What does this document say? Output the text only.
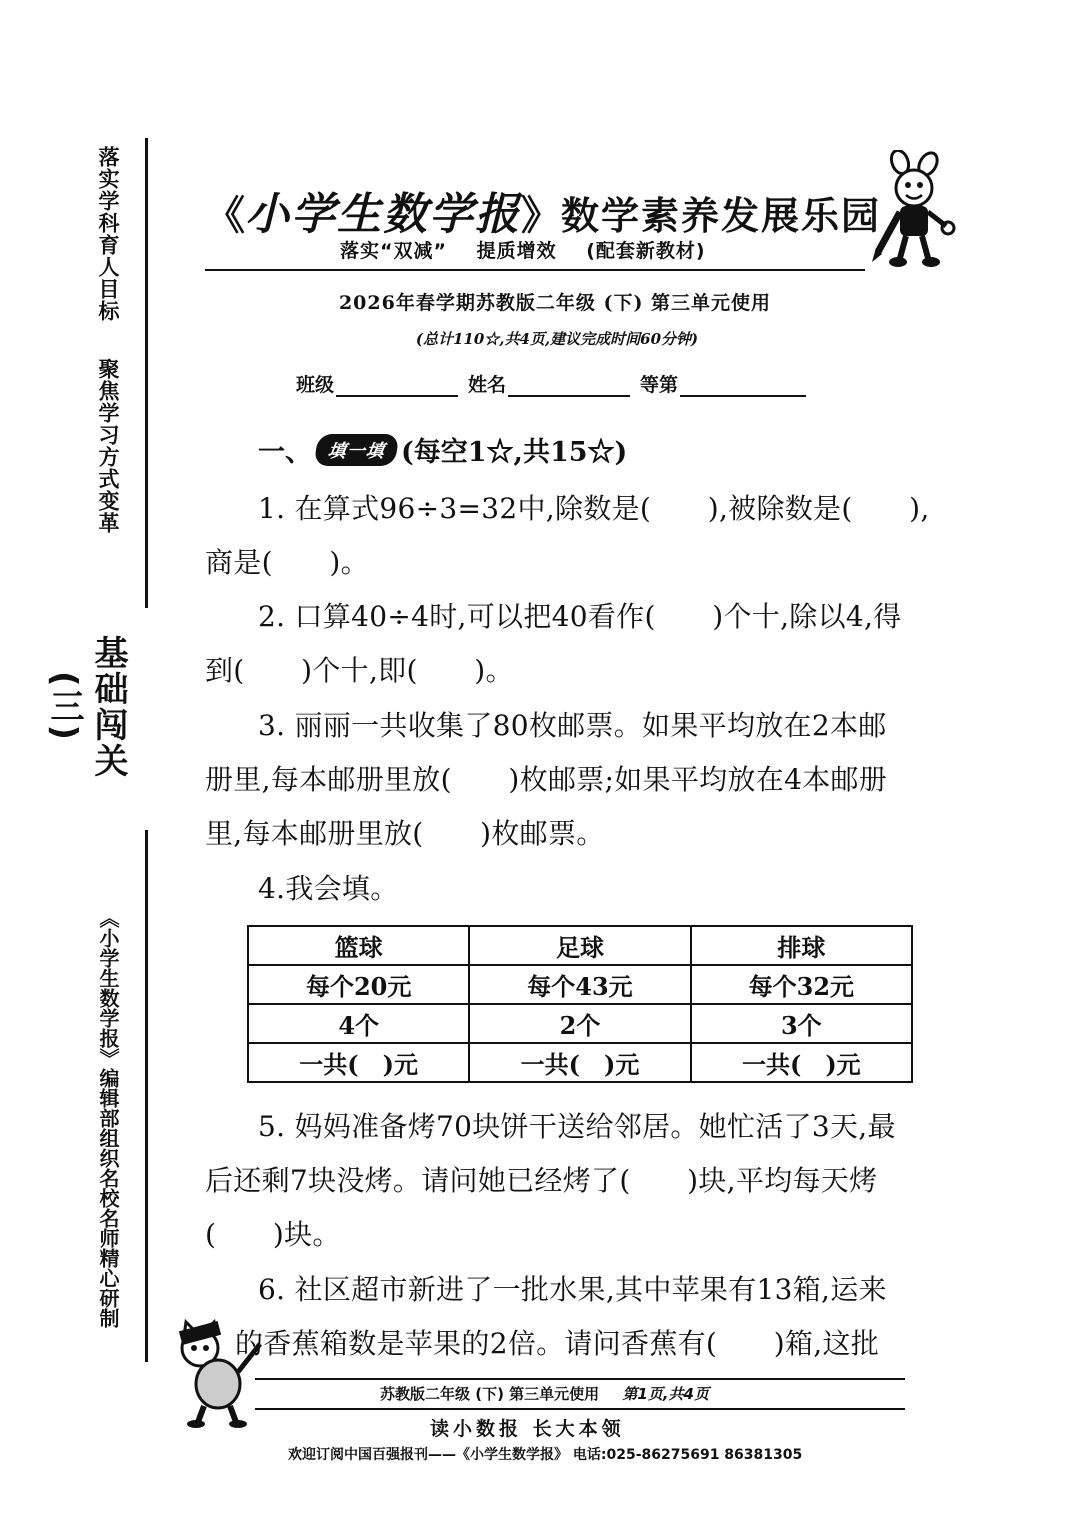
落实学科育人目标
聚焦学习方式变革
基础闯关(三)
《小学生数学报》编辑部组织名校名师精心研制
《 小学生数学报 》 数学素养发展乐园
落实“双减” 提质增效 (配套新教材)
2026年春学期苏教版二年级 (下) 第三单元使用
(总计110☆,共4页,建议完成时间60分钟)
班级	姓名	等第
一、 填一填 (每空1☆,共15☆)
1. 在算式96÷3=32中,除数是(　　),被除数是(　　),
商是(　　)。
2. 口算40÷4时,可以把40看作(　　)个十,除以4,得
到(　　)个十,即(　　)。
3. 丽丽一共收集了80枚邮票。如果平均放在2本邮
册里,每本邮册里放(　　)枚邮票;如果平均放在4本邮册
里,每本邮册里放(　　)枚邮票。
4.我会填。
篮球	足球	排球
每个20元	每个43元	每个32元
4个	2个	3个
一共(　)元	一共(　)元	一共(　)元
5. 妈妈准备烤70块饼干送给邻居。她忙活了3天,最
后还剩7块没烤。请问她已经烤了(　　)块,平均每天烤
(　　)块。
6. 社区超市新进了一批水果,其中苹果有13箱,运来
的香蕉箱数是苹果的2倍。请问香蕉有(　　)箱,这批
苏教版二年级 (下) 第三单元使用 第1页,共4页
读小数报 长大本领
欢迎订阅中国百强报刊——《小学生数学报》 电话:025-86275691 86381305
